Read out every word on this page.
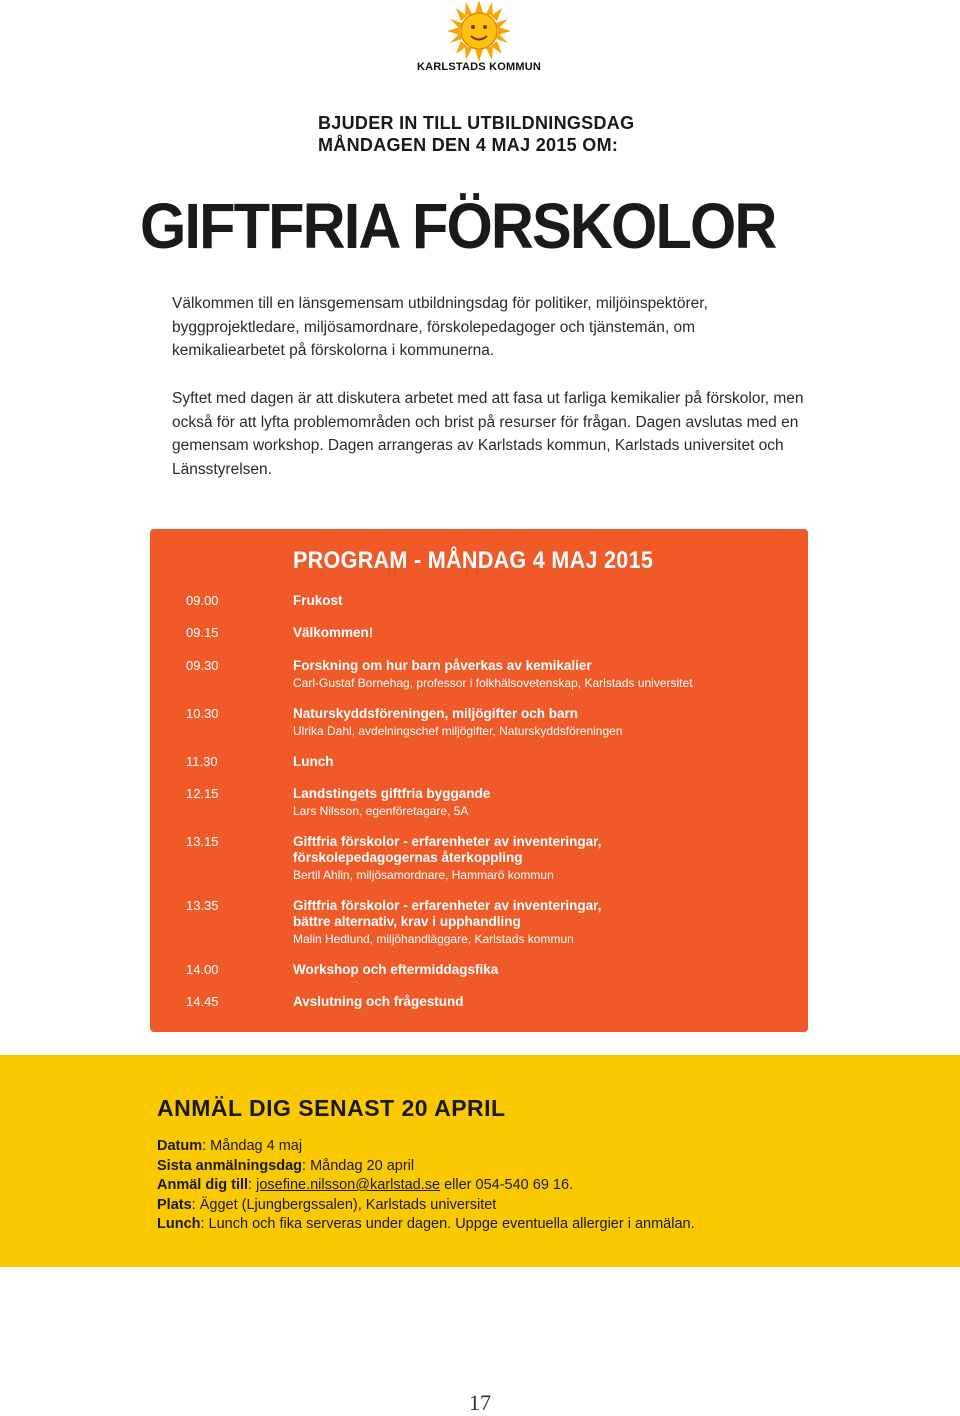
KARLSTADS KOMMUN
BJUDER IN TILL UTBILDNINGSDAG
MÅNDAGEN DEN 4 MAJ 2015 OM:
GIFTFRIA FÖRSKOLOR

Välkommen till en länsgemensam utbildningsdag för politiker, miljöinspektörer, byggprojektledare, miljösamordnare, förskolepedagoger och tjänstemän, om kemikaliearbetet på förskolorna i kommunerna.

Syftet med dagen är att diskutera arbetet med att fasa ut farliga kemikalier på förskolor, men också för att lyfta problemområden och brist på resurser för frågan. Dagen avslutas med en gemensam workshop. Dagen arrangeras av Karlstads kommun, Karlstads universitet och Länsstyrelsen.

PROGRAM - MÅNDAG 4 MAJ 2015
09.00	Frukost
09.15	Välkommen!
09.30	Forskning om hur barn påverkas av kemikalier
Carl-Gustaf Bornehag, professor i folkhälsovetenskap, Karlstads universitet
10.30	Naturskyddsföreningen, miljögifter och barn
Ulrika Dahl, avdelningschef miljögifter, Naturskyddsföreningen
11.30	Lunch
12.15	Landstingets giftfria byggande
Lars Nilsson, egenföretagare, 5A
13.15	Giftfria förskolor - erfarenheter av inventeringar,
förskolepedagogernas återkoppling
Bertil Ahlin, miljösamordnare, Hammarö kommun
13.35	Giftfria förskolor - erfarenheter av inventeringar,
bättre alternativ, krav i upphandling
Malin Hedlund, miljöhandläggare, Karlstads kommun
14.00	Workshop och eftermiddagsfika
14.45	Avslutning och frågestund
ANMÄL DIG SENAST 20 APRIL
Datum: Måndag 4 maj
Sista anmälningsdag: Måndag 20 april
Anmäl dig till: josefine.nilsson@karlstad.se eller 054-540 69 16.
Plats: Ägget (Ljungbergssalen), Karlstads universitet
Lunch: Lunch och fika serveras under dagen. Uppge eventuella allergier i anmälan.
17
